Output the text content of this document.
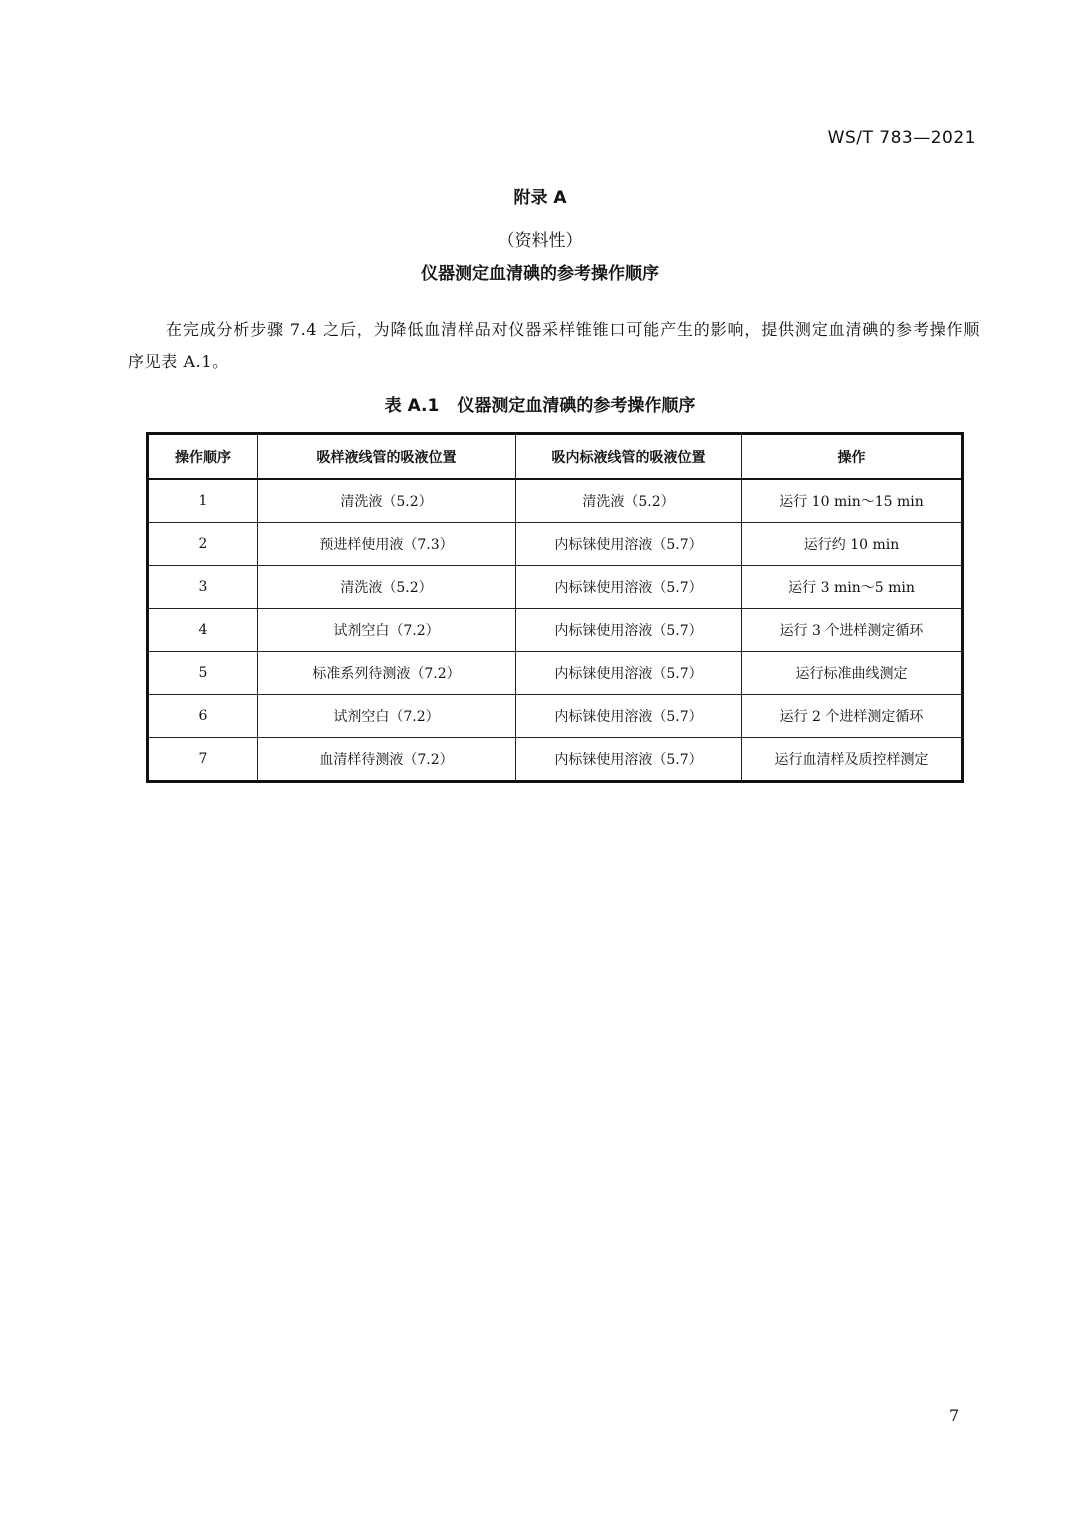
WS/T 783—2021
附录 A
（资料性）
仪器测定血清碘的参考操作顺序

在完成分析步骤 7.4 之后，为降低血清样品对仪器采样锥锥口可能产生的影响，提供测定血清碘的参考操作顺序见表 A.1。

表 A.1 仪器测定血清碘的参考操作顺序
操作顺序	吸样液线管的吸液位置	吸内标液线管的吸液位置	操作
1	清洗液（5.2）	清洗液（5.2）	运行 10 min～15 min
2	预进样使用液（7.3）	内标铼使用溶液（5.7）	运行约 10 min
3	清洗液（5.2）	内标铼使用溶液（5.7）	运行 3 min～5 min
4	试剂空白（7.2）	内标铼使用溶液（5.7）	运行 3 个进样测定循环
5	标准系列待测液（7.2）	内标铼使用溶液（5.7）	运行标准曲线测定
6	试剂空白（7.2）	内标铼使用溶液（5.7）	运行 2 个进样测定循环
7	血清样待测液（7.2）	内标铼使用溶液（5.7）	运行血清样及质控样测定
7
